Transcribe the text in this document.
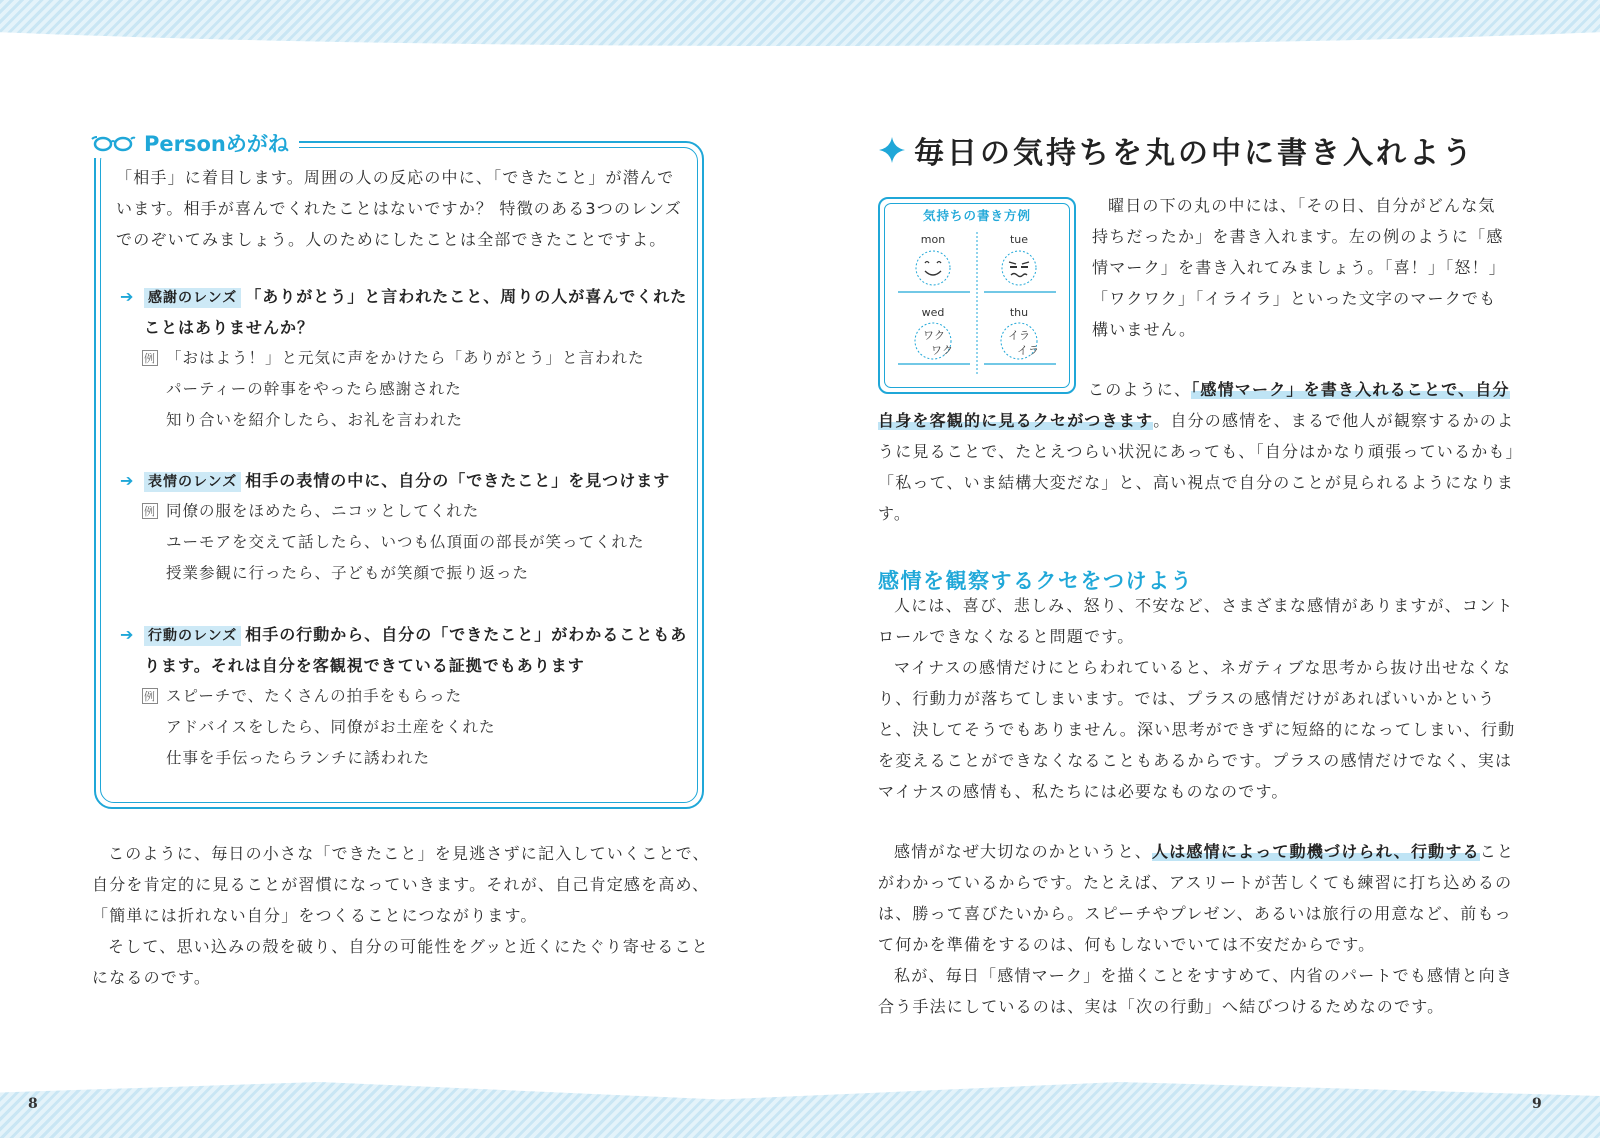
Personめがね

「相手」に着目します。周囲の人の反応の中に、「できたこと」が潜んでいます。相手が喜んでくれたことはないですか？ 特徴のある3つのレンズでのぞいてみましょう。人のためにしたことは全部できたことですよ。

➔ 感謝のレンズ 「ありがとう」と言われたこと、周りの人が喜んでくれたことはありませんか？
例 「おはよう！」と元気に声をかけたら「ありがとう」と言われた
パーティーの幹事をやったら感謝された
知り合いを紹介したら、お礼を言われた
➔ 表情のレンズ 相手の表情の中に、自分の「できたこと」を見つけます
例 同僚の服をほめたら、ニコッとしてくれた
ユーモアを交えて話したら、いつも仏頂面の部長が笑ってくれた
授業参観に行ったら、子どもが笑顔で振り返った
➔ 行動のレンズ 相手の行動から、自分の「できたこと」がわかることもあります。それは自分を客観視できている証拠でもあります
例 スピーチで、たくさんの拍手をもらった
アドバイスをしたら、同僚がお土産をくれた
仕事を手伝ったらランチに誘われた
このように、毎日の小さな「できたこと」を見逃さずに記入していくことで、自分を肯定的に見ることが習慣になっていきます。それが、自己肯定感を高め、「簡単には折れない自分」をつくることにつながります。
そして、思い込みの殻を破り、自分の可能性をグッと近くにたぐり寄せることになるのです。
8
毎日の気持ちを丸の中に書き入れよう
気持ちの書き方例
mon	tue
wed	thu
ワク
ワク
イラ
イラ

曜日の下の丸の中には、「その日、自分がどんな気持ちだったか」を書き入れます。左の例のように「感情マーク」を書き入れてみましょう。「喜！」「怒！」「ワクワク」「イライラ」といった文字のマークでも構いません。

このように、「感情マーク」を書き入れることで、自分自身を客観的に見るクセがつきます。自分の感情を、まるで他人が観察するかのように見ることで、たとえつらい状況にあっても、「自分はかなり頑張っているかも」「私って、いま結構大変だな」と、高い視点で自分のことが見られるようになります。

感情を観察するクセをつけよう
人には、喜び、悲しみ、怒り、不安など、さまざまな感情がありますが、コントロールできなくなると問題です。
マイナスの感情だけにとらわれていると、ネガティブな思考から抜け出せなくなり、行動力が落ちてしまいます。では、プラスの感情だけがあればいいかというと、決してそうでもありません。深い思考ができずに短絡的になってしまい、行動を変えることができなくなることもあるからです。プラスの感情だけでなく、実はマイナスの感情も、私たちには必要なものなのです。
感情がなぜ大切なのかというと、人は感情によって動機づけられ、行動することがわかっているからです。たとえば、アスリートが苦しくても練習に打ち込めるのは、勝って喜びたいから。スピーチやプレゼン、あるいは旅行の用意など、前もって何かを準備をするのは、何もしないでいては不安だからです。
私が、毎日「感情マーク」を描くことをすすめて、内省のパートでも感情と向き合う手法にしているのは、実は「次の行動」へ結びつけるためなのです。
9
